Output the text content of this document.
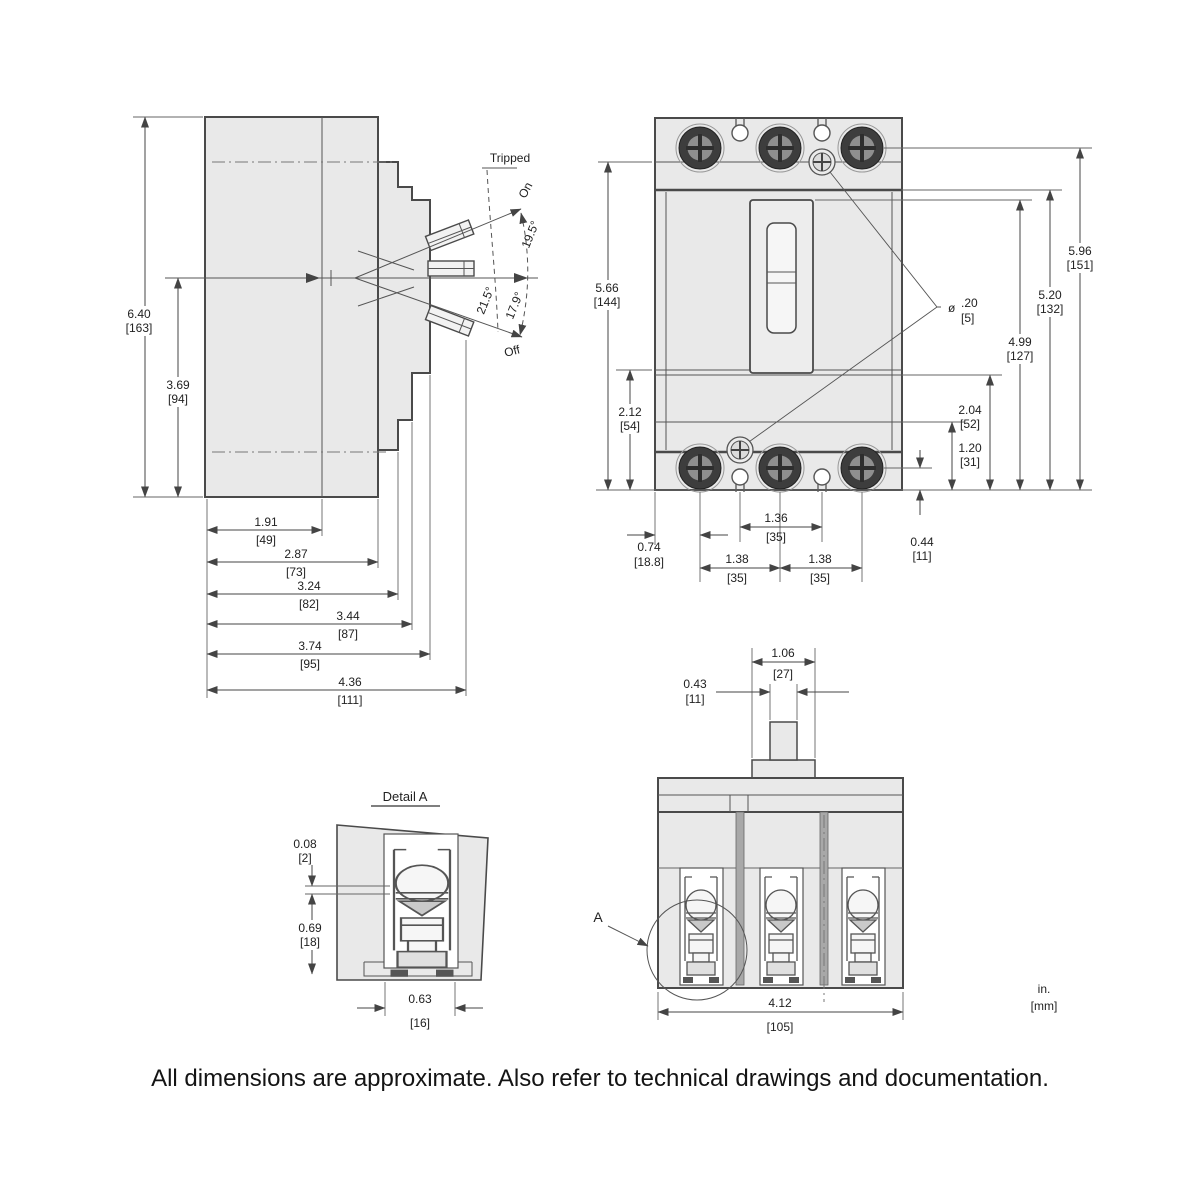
Tripped
On
Off
19.5°
21.5° 17.9°
6.40
[163]
3.69
[94]
1.91
[49]
2.87
[73]
3.24
[82]
3.44
[87]
3.74
[95]
4.36
[111]
ø .20
[5]
5.66
[144]
2.12
[54]
5.96
[151]
5.20
[132]
4.99
[127]
2.04
[52]
1.20
[31]
0.44
[11]
0.74
[18.8]
1.36
[35]
1.38
[35]
1.38
[35]
A
1.06
[27]
0.43
[11]
4.12
[105]
Detail A
0.08
[2]
0.69
[18]
0.63
[16]
in.
[mm]
All dimensions are approximate. Also refer to technical drawings and documentation.
